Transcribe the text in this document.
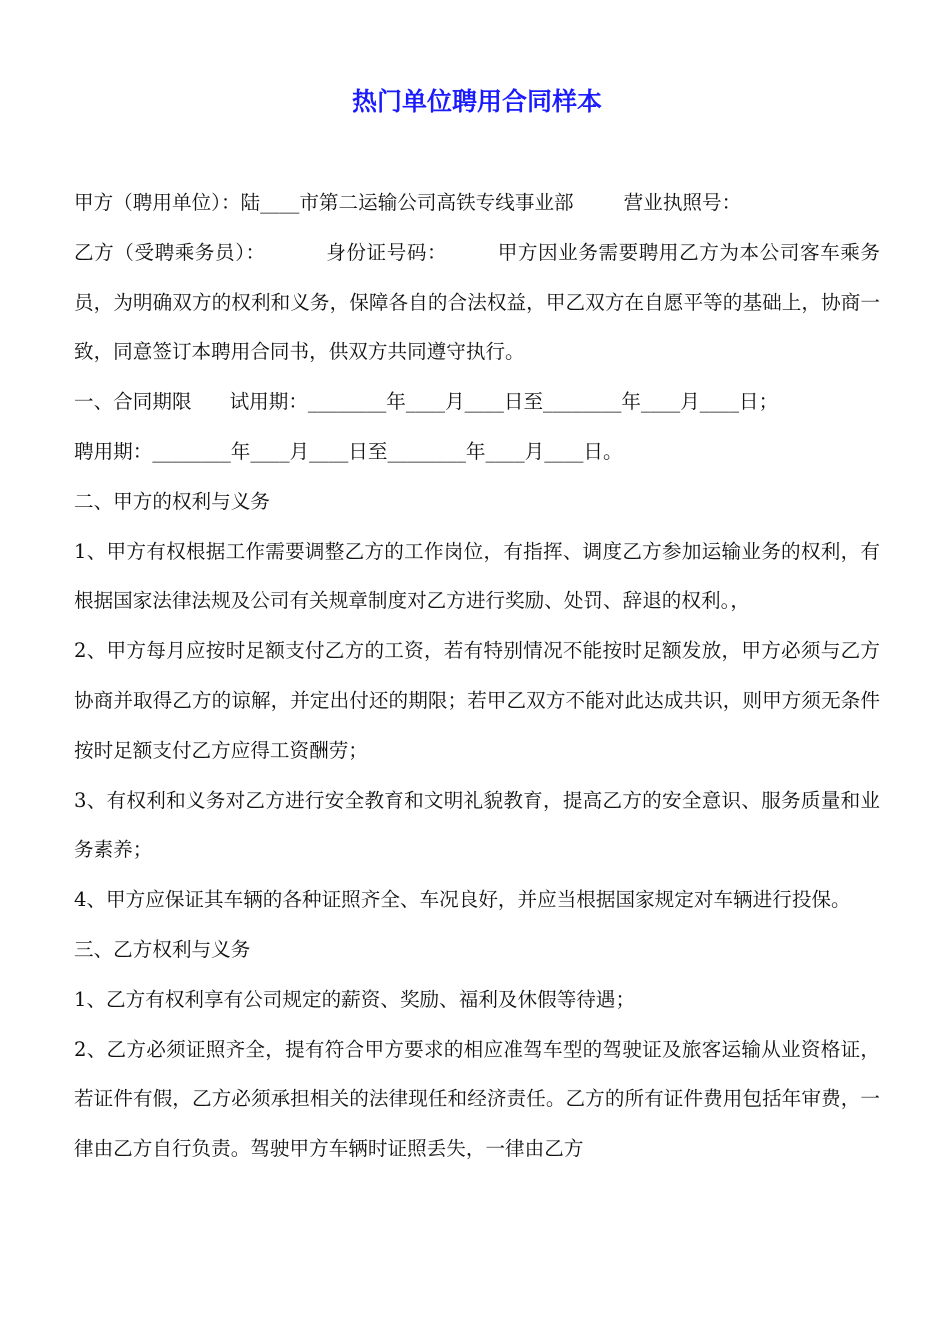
热门单位聘用合同样本

甲方（聘用单位）：陆____市第二运输公司高铁专线事业部	营业执照号：

乙方（受聘乘务员）：	身份证号码：	甲方因业务需要聘用乙方为本公司客车乘务员，为明确双方的权利和义务，保障各自的合法权益，甲乙双方在自愿平等的基础上，协商一致，同意签订本聘用合同书，供双方共同遵守执行。

一、合同期限 试用期：________年____月____日至________年____月____日；

聘用期：________年____月____日至________年____月____日。

二、甲方的权利与义务

1、甲方有权根据工作需要调整乙方的工作岗位，有指挥、调度乙方参加运输业务的权利，有根据国家法律法规及公司有关规章制度对乙方进行奖励、处罚、辞退的权利。，

2、甲方每月应按时足额支付乙方的工资，若有特别情况不能按时足额发放，甲方必须与乙方协商并取得乙方的谅解，并定出付还的期限；若甲乙双方不能对此达成共识，则甲方须无条件按时足额支付乙方应得工资酬劳；

3、有权利和义务对乙方进行安全教育和文明礼貌教育，提高乙方的安全意识、服务质量和业务素养；

4、甲方应保证其车辆的各种证照齐全、车况良好，并应当根据国家规定对车辆进行投保。

三、乙方权利与义务

1、乙方有权利享有公司规定的薪资、奖励、福利及休假等待遇；

2、乙方必须证照齐全，提有符合甲方要求的相应准驾车型的驾驶证及旅客运输从业资格证，若证件有假，乙方必须承担相关的法律现任和经济责任。乙方的所有证件费用包括年审费，一律由乙方自行负责。驾驶甲方车辆时证照丢失，一律由乙方
